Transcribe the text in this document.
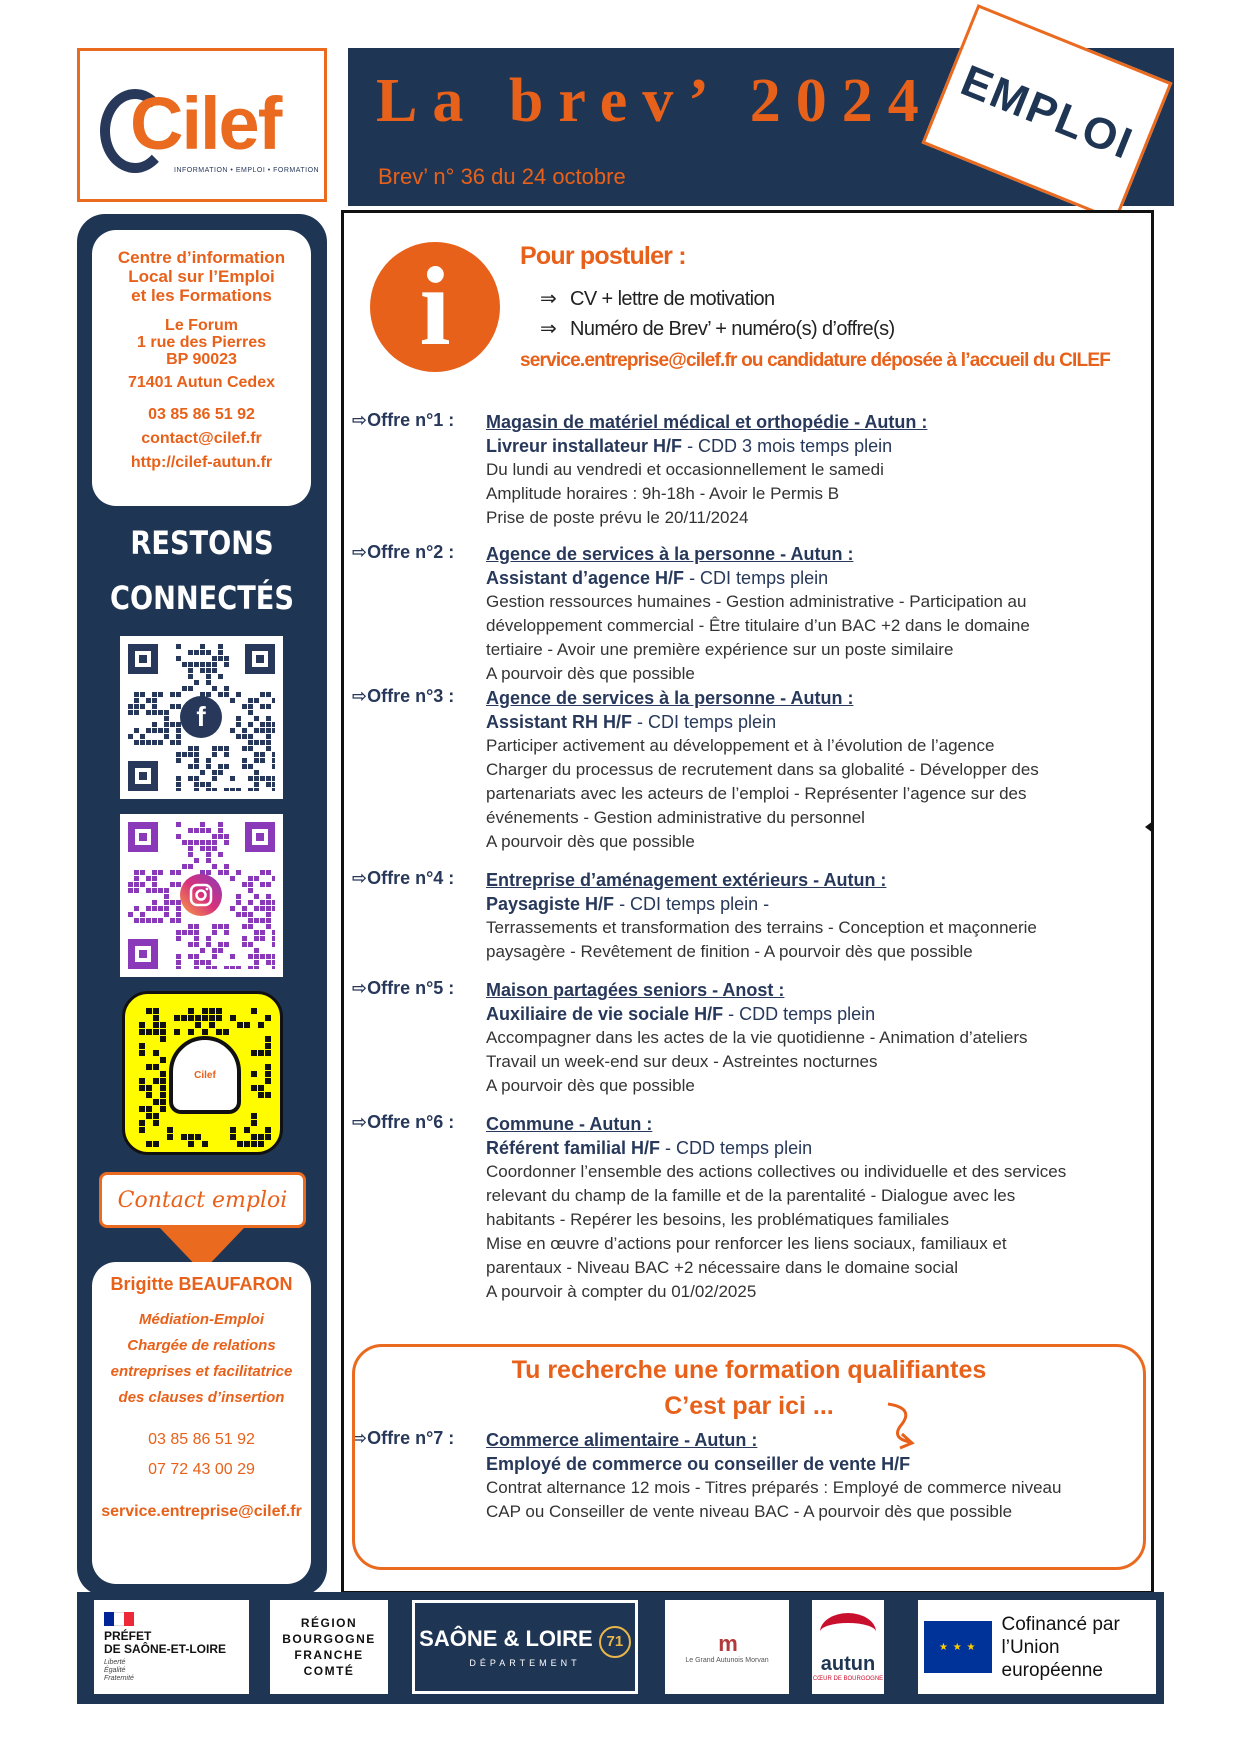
Cilef
INFORMATION • EMPLOI • FORMATION
La brev’ 2024
Brev’ n° 36 du 24 octobre
EMPLOI
Centre d’information
Local sur l’Emploi
et les Formations
Le Forum
1 rue des Pierres
BP 90023
71401 Autun Cedex
03 85 86 51 92
contact@cilef.fr
http://cilef-autun.fr
RESTONS
CONNECTÉS
f
Cilef
Contact emploi
Brigitte BEAUFARON
Médiation-Emploi
Chargée de relations
entreprises et facilitatrice
des clauses d’insertion
03 85 86 51 92
07 72 43 00 29
service.entreprise@cilef.fr
i	Pour postuler :
⇒ CV + lettre de motivation
⇒ Numéro de Brev’ + numéro(s) d’offre(s)
service.entreprise@cilef.fr ou candidature déposée à l’accueil du CILEF
⇨Offre n°1 : Magasin de matériel médical et orthopédie - Autun :
Livreur installateur H/F - CDD 3 mois temps plein
Du lundi au vendredi et occasionnellement le samedi
Amplitude horaires : 9h-18h - Avoir le Permis B
Prise de poste prévu le 20/11/2024
⇨Offre n°2 : Agence de services à la personne - Autun :
Assistant d’agence H/F - CDI temps plein
Gestion ressources humaines - Gestion administrative - Participation au
développement commercial - Être titulaire d’un BAC +2 dans le domaine
tertiaire - Avoir une première expérience sur un poste similaire
A pourvoir dès que possible
⇨Offre n°3 : Agence de services à la personne - Autun :
Assistant RH H/F - CDI temps plein
Participer activement au développement et à l’évolution de l’agence
Charger du processus de recrutement dans sa globalité - Développer des
partenariats avec les acteurs de l’emploi - Représenter l’agence sur des
événements - Gestion administrative du personnel
A pourvoir dès que possible
⇨Offre n°4 : Entreprise d’aménagement extérieurs - Autun :
Paysagiste H/F - CDI temps plein -
Terrassements et transformation des terrains - Conception et maçonnerie
paysagère - Revêtement de finition - A pourvoir dès que possible
⇨Offre n°5 : Maison partagées seniors - Anost :
Auxiliaire de vie sociale H/F - CDD temps plein
Accompagner dans les actes de la vie quotidienne - Animation d’ateliers
Travail un week-end sur deux - Astreintes nocturnes
A pourvoir dès que possible
⇨Offre n°6 : Commune - Autun :
Référent familial H/F - CDD temps plein
Coordonner l’ensemble des actions collectives ou individuelle et des services
relevant du champ de la famille et de la parentalité - Dialogue avec les
habitants - Repérer les besoins, les problématiques familiales
Mise en œuvre d’actions pour renforcer les liens sociaux, familiaux et
parentaux - Niveau BAC +2 nécessaire dans le domaine social
A pourvoir à compter du 01/02/2025
⇨Offre n°7 : Commerce alimentaire - Autun :
Employé de commerce ou conseiller de vente H/F
Contrat alternance 12 mois - Titres préparés : Employé de commerce niveau
CAP ou Conseiller de vente niveau BAC - A pourvoir dès que possible
Tu recherche une formation qualifiantes
C’est par ici ...
PRÉFET
DE SAÔNE-ET-LOIRE
Liberté
Égalité
Fraternité
RÉGION
BOURGOGNE
FRANCHE
COMTÉ
SAÔNE & LOIRE 71
DÉPARTEMENT
m
Le Grand Autunois Morvan	autun
CŒUR DE BOURGOGNE
★ ★ ★
Cofinancé par
l’Union européenne
